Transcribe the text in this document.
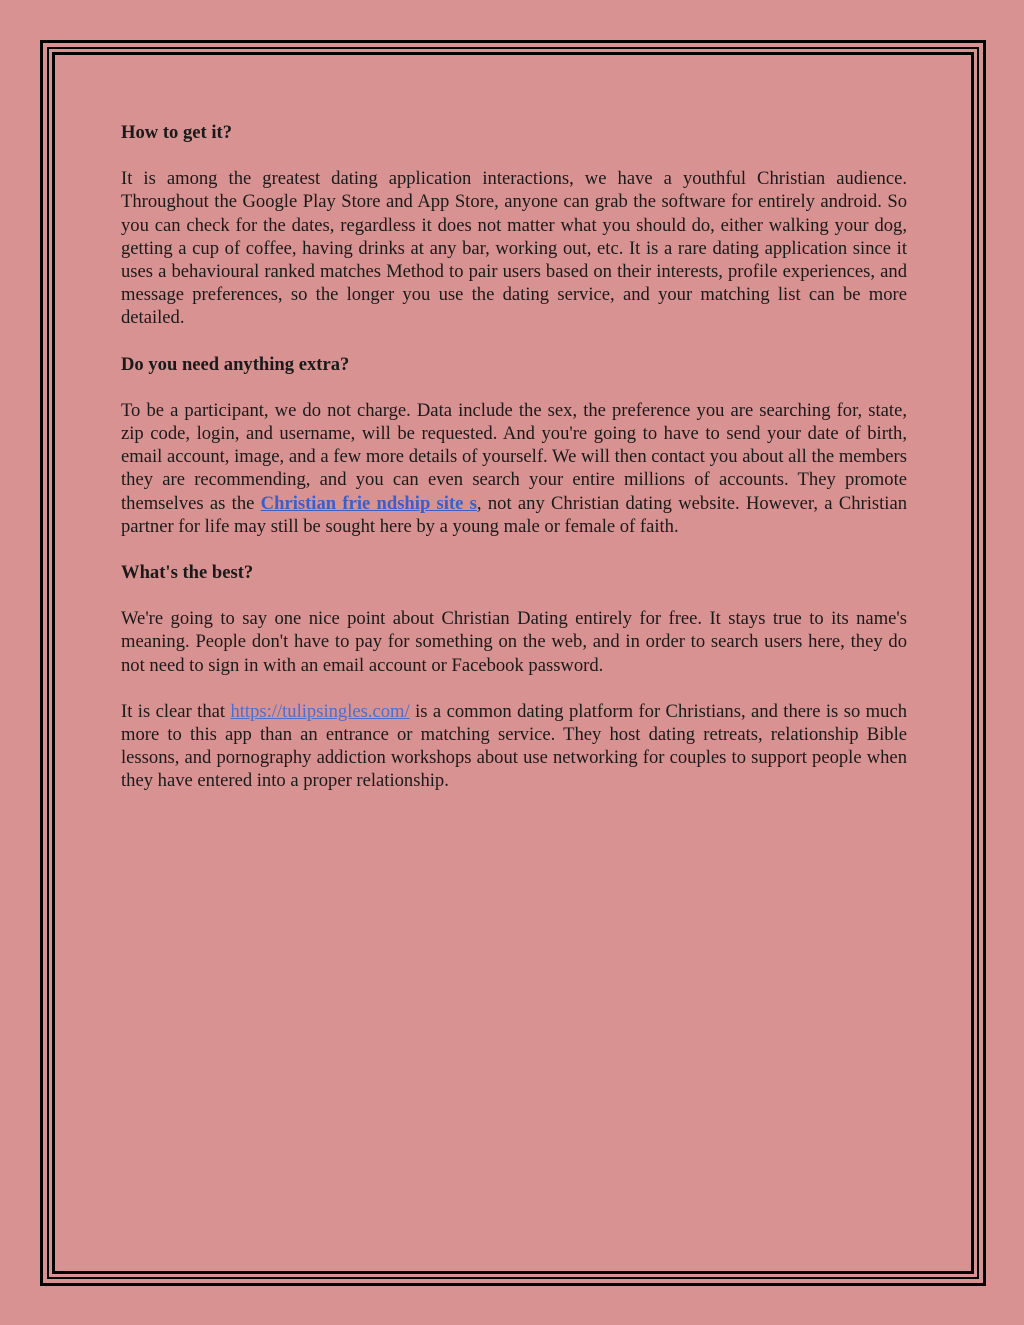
How to get it?

It is among the greatest dating application interactions, we have a youthful Christian audience. Throughout the Google Play Store and App Store, anyone can grab the software for entirely android. So you can check for the dates, regardless it does not matter what you should do, either walking your dog, getting a cup of coffee, having drinks at any bar, working out, etc. It is a rare dating application since it uses a behavioural ranked matches Method to pair users based on their interests, profile experiences, and message preferences, so the longer you use the dating service, and your matching list can be more detailed.

Do you need anything extra?

To be a participant, we do not charge. Data include the sex, the preference you are searching for, state, zip code, login, and username, will be requested. And you're going to have to send your date of birth, email account, image, and a few more details of yourself. We will then contact you about all the members they are recommending, and you can even search your entire millions of accounts. They promote themselves as the Christian frie ndship site s, not any Christian dating website. However, a Christian partner for life may still be sought here by a young male or female of faith.

What's the best?

We're going to say one nice point about Christian Dating entirely for free. It stays true to its name's meaning. People don't have to pay for something on the web, and in order to search users here, they do not need to sign in with an email account or Facebook password.

It is clear that https://tulipsingles.com/ is a common dating platform for Christians, and there is so much more to this app than an entrance or matching service. They host dating retreats, relationship Bible lessons, and pornography addiction workshops about use networking for couples to support people when they have entered into a proper relationship.
